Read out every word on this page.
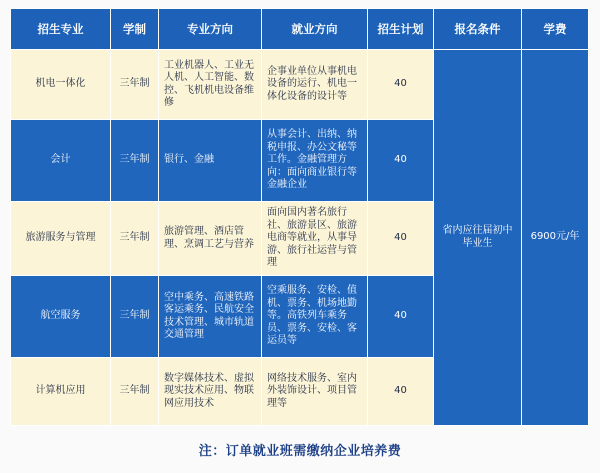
招生专业	学制	专业方向	就业方向	招生计划	报名条件	学费
机电一体化	三年制	工业机器人、工业无人机、人工智能、数控、飞机机电设备维修	企事业单位从事机电设备的运行、机电一体化设备的设计等	40	省内应往届初中毕业生	6900元/年
会计	三年制	银行、金融	从事会计、出纳、纳税申报、办公文秘等工作。金融管理方向：面向商业银行等金融企业	40		
旅游服务与管理	三年制	旅游管理、酒店管理、烹调工艺与营养	面向国内著名旅行社、旅游景区、旅游电商等就业，从事导游、旅行社运营与管理	40		
航空服务	三年制	空中乘务、高速铁路客运乘务、民航安全技术管理、城市轨道交通管理	空乘服务、安检、值机、票务、机场地勤等。高铁列车乘务员、票务、安检、客运员等	40		
计算机应用	三年制	数字媒体技术、虚拟现实技术应用、物联网应用技术	网络技术服务、室内外装饰设计、项目管理等	40		
注：订单就业班需缴纳企业培养费
